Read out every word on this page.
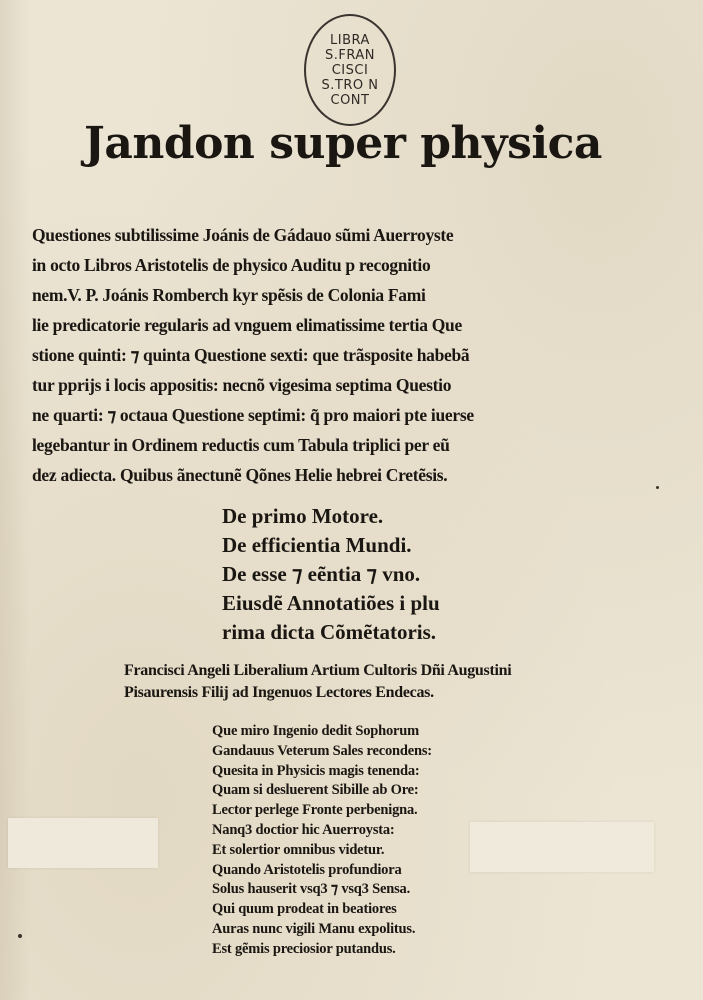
LIBRA
S.FRAN
CISCI
S.TRO N
CONT
Jandon super physica
Questiones subtilissime Joánis de Gádauo sũmi Auerroyste
in octo Libros Aristotelis de physico Auditu p recognitio
nem.V. P. Joánis Romberch kyr spẽsis de Colonia Fami
lie predicatorie regularis ad vnguem elimatissime tertia Que
stione quinti: ⁊ quinta Questione sexti: que trãsposite habebã
tur pprijs i locis appositis: necnõ vigesima septima Questio
ne quarti: ⁊ octaua Questione septimi: q̃ pro maiori pte iuerse
legebantur in Ordinem reductis cum Tabula triplici per eũ
dez adiecta. Quibus ãnectunẽ Qõnes Helie hebrei Cretẽsis.
De primo Motore.
De efficientia Mundi.
De esse ⁊ eẽntia ⁊ vno.
Eiusdẽ Annotatiões i plu
rima dicta Cõmẽtatoris.
Francisci Angeli Liberalium Artium Cultoris Dñi Augustini
Pisaurensis Filij ad Ingenuos Lectores Endecas.
Que miro Ingenio dedit Sophorum
Gandauus Veterum Sales recondens:
Quesita in Physicis magis tenenda:
Quam si desluerent Sibille ab Ore:
Lector perlege Fronte perbenigna.
Nanq3 doctior hic Auerroysta:
Et solertior omnibus videtur.
Quando Aristotelis profundiora
Solus hauserit vsq3 ⁊ vsq3 Sensa.
Qui quum prodeat in beatiores
Auras nunc vigili Manu expolitus.
Est gẽmis preciosior putandus.
